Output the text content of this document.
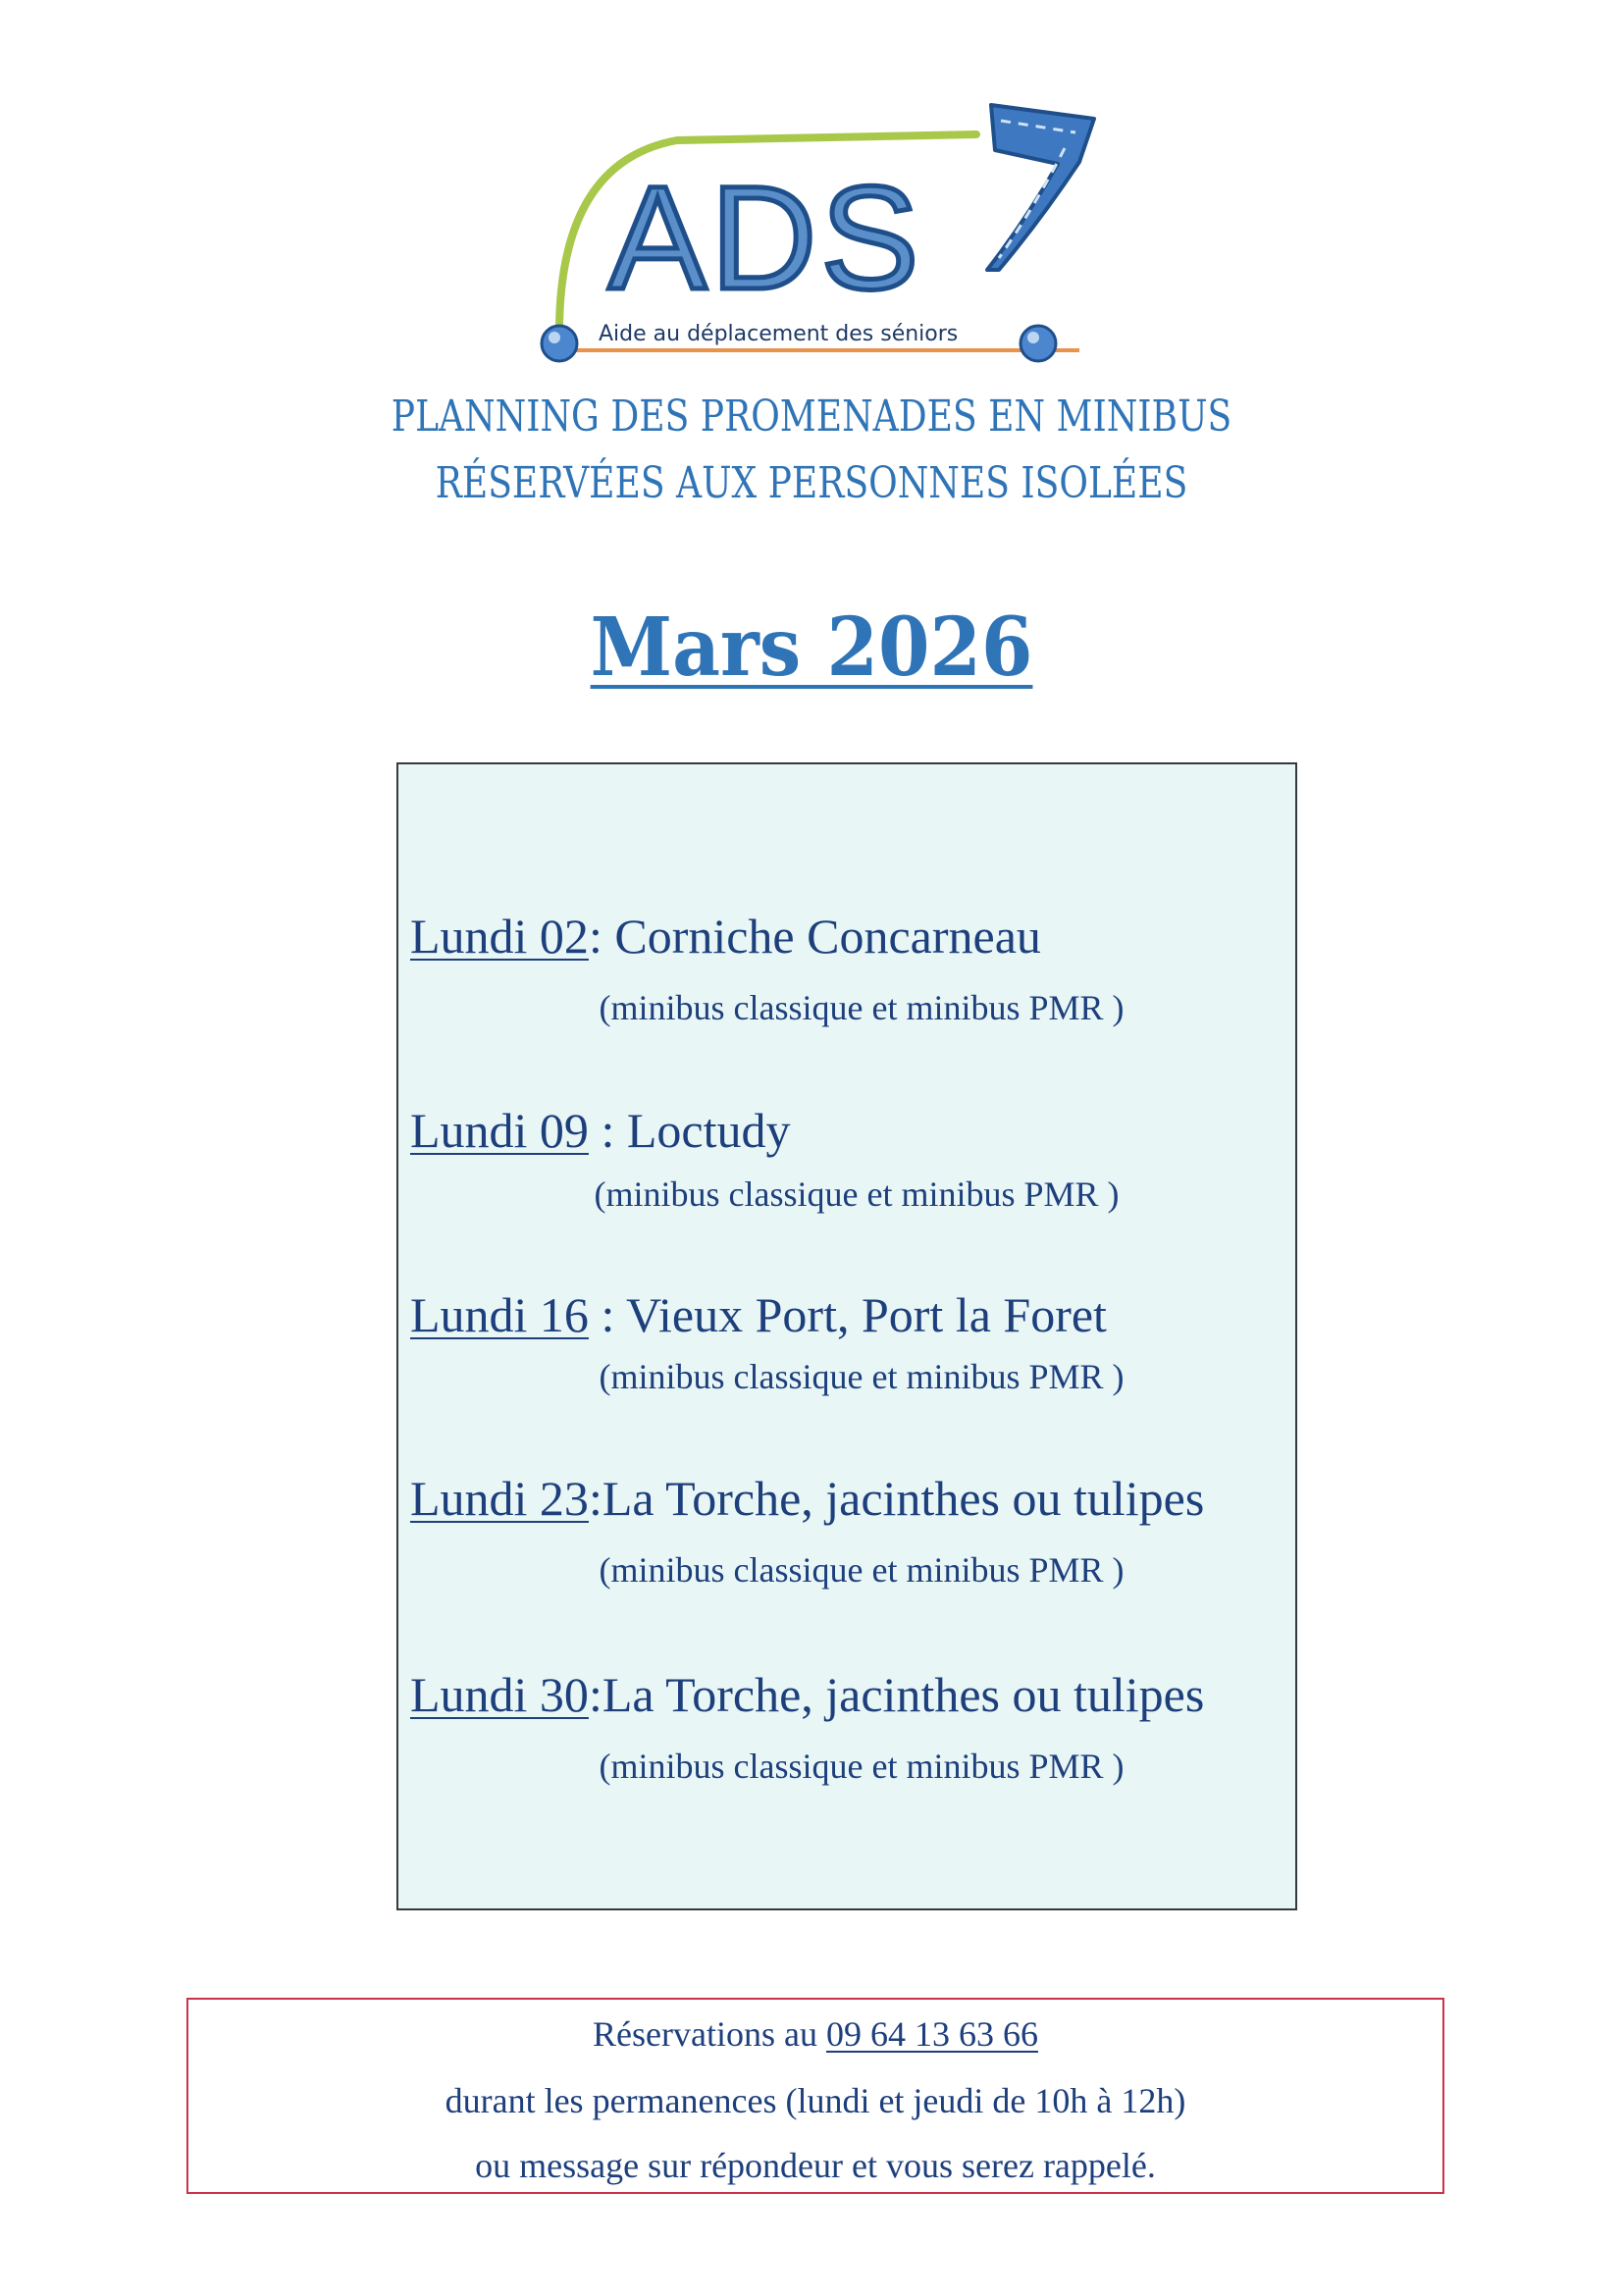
ADS
Aide au déplacement des séniors
PLANNING DES PROMENADES EN MINIBUS
RÉSERVÉES AUX PERSONNES ISOLÉES
Mars 2026
Lundi 02: Corniche Concarneau
(minibus classique et minibus PMR )
Lundi 09 : Loctudy
(minibus classique et minibus PMR )
Lundi 16 : Vieux Port, Port la Foret
(minibus classique et minibus PMR )
Lundi 23:La Torche, jacinthes ou tulipes
(minibus classique et minibus PMR )
Lundi 30:La Torche, jacinthes ou tulipes
(minibus classique et minibus PMR )
Réservations au 09 64 13 63 66
durant les permanences (lundi et jeudi de 10h à 12h)
ou message sur répondeur et vous serez rappelé.
